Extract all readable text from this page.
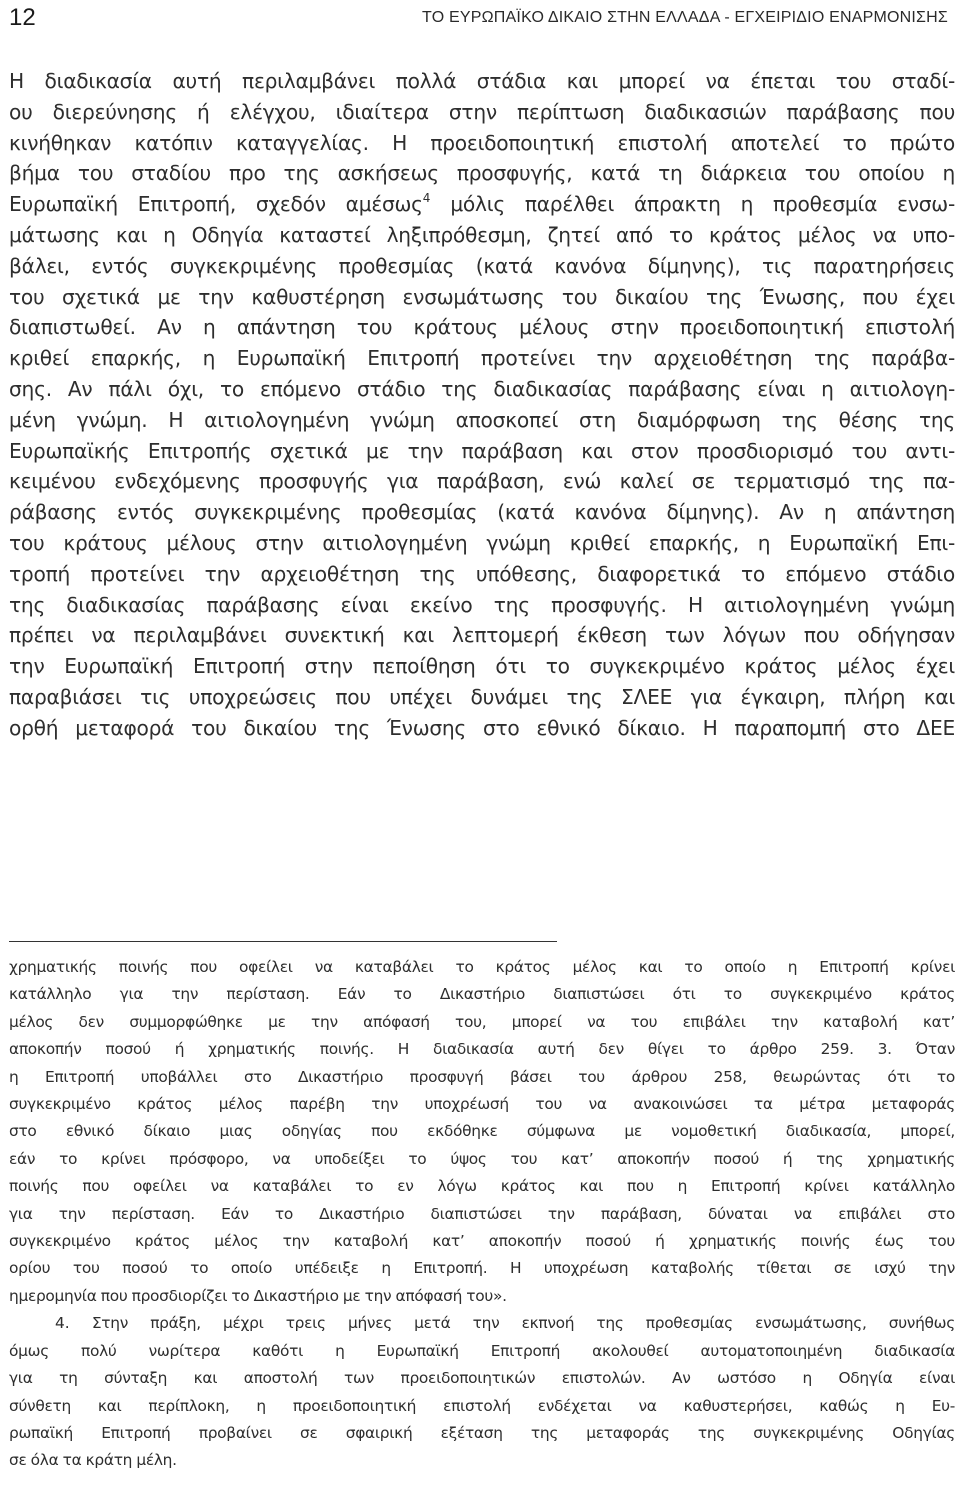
12	ΤΟ ΕΥΡΩΠΑΪΚΟ ΔΙΚΑΙΟ ΣΤΗΝ ΕΛΛΑΔΑ - ΕΓΧΕΙΡΙΔΙΟ ΕΝΑΡΜΟΝΙΣΗΣ
Η διαδικασία αυτή περιλαμβάνει πολλά στάδια και μπορεί να έπεται του σταδί-
ου διερεύνησης ή ελέγχου, ιδιαίτερα στην περίπτωση διαδικασιών παράβασης που
κινήθηκαν κατόπιν καταγγελίας. Η προειδοποιητική επιστολή αποτελεί το πρώτο
βήμα του σταδίου προ της ασκήσεως προσφυγής, κατά τη διάρκεια του οποίου η
Ευρωπαϊκή Επιτροπή, σχεδόν αμέσως$^4$ μόλις παρέλθει άπρακτη η προθεσμία ενσω-
μάτωσης και η Οδηγία καταστεί ληξιπρόθεσμη, ζητεί από το κράτος μέλος να υπο-
βάλει, εντός συγκεκριμένης προθεσμίας (κατά κανόνα δίμηνης), τις παρατηρήσεις
του σχετικά με την καθυστέρηση ενσωμάτωσης του δικαίου της Ένωσης, που έχει
διαπιστωθεί. Αν η απάντηση του κράτους μέλους στην προειδοποιητική επιστολή
κριθεί επαρκής, η Ευρωπαϊκή Επιτροπή προτείνει την αρχειοθέτηση της παράβα-
σης. Αν πάλι όχι, το επόμενο στάδιο της διαδικασίας παράβασης είναι η αιτιολογη-
μένη γνώμη. Η αιτιολογημένη γνώμη αποσκοπεί στη διαμόρφωση της θέσης της
Ευρωπαϊκής Επιτροπής σχετικά με την παράβαση και στον προσδιορισμό του αντι-
κειμένου ενδεχόμενης προσφυγής για παράβαση, ενώ καλεί σε τερματισμό της πα-
ράβασης εντός συγκεκριμένης προθεσμίας (κατά κανόνα δίμηνης). Αν η απάντηση
του κράτους μέλους στην αιτιολογημένη γνώμη κριθεί επαρκής, η Ευρωπαϊκή Επι-
τροπή προτείνει την αρχειοθέτηση της υπόθεσης, διαφορετικά το επόμενο στάδιο
της διαδικασίας παράβασης είναι εκείνο της προσφυγής. Η αιτιολογημένη γνώμη
πρέπει να περιλαμβάνει συνεκτική και λεπτομερή έκθεση των λόγων που οδήγησαν
την Ευρωπαϊκή Επιτροπή στην πεποίθηση ότι το συγκεκριμένο κράτος μέλος έχει
παραβιάσει τις υποχρεώσεις που υπέχει δυνάμει της ΣΛΕΕ για έγκαιρη, πλήρη και
ορθή μεταφορά του δικαίου της Ένωσης στο εθνικό δίκαιο. Η παραπομπή στο ΔΕΕ
χρηματικής ποινής που οφείλει να καταβάλει το κράτος μέλος και το οποίο η Επιτροπή κρίνει
κατάλληλο για την περίσταση. Εάν το Δικαστήριο διαπιστώσει ότι το συγκεκριμένο κράτος
μέλος δεν συμμορφώθηκε με την απόφασή του, μπορεί να του επιβάλει την καταβολή κατ’
αποκοπήν ποσού ή χρηματικής ποινής. Η διαδικασία αυτή δεν θίγει το άρθρο 259. 3. Όταν
η Επιτροπή υποβάλλει στο Δικαστήριο προσφυγή βάσει του άρθρου 258, θεωρώντας ότι το
συγκεκριμένο κράτος μέλος παρέβη την υποχρέωσή του να ανακοινώσει τα μέτρα μεταφοράς
στο εθνικό δίκαιο μιας οδηγίας που εκδόθηκε σύμφωνα με νομοθετική διαδικασία, μπορεί,
εάν το κρίνει πρόσφορο, να υποδείξει το ύψος του κατ’ αποκοπήν ποσού ή της χρηματικής
ποινής που οφείλει να καταβάλει το εν λόγω κράτος και που η Επιτροπή κρίνει κατάλληλο
για την περίσταση. Εάν το Δικαστήριο διαπιστώσει την παράβαση, δύναται να επιβάλει στο
συγκεκριμένο κράτος μέλος την καταβολή κατ’ αποκοπήν ποσού ή χρηματικής ποινής έως του
ορίου του ποσού το οποίο υπέδειξε η Επιτροπή. Η υποχρέωση καταβολής τίθεται σε ισχύ την
ημερομηνία που προσδιορίζει το Δικαστήριο με την απόφασή του».
4. Στην πράξη, μέχρι τρεις μήνες μετά την εκπνοή της προθεσμίας ενσωμάτωσης, συνήθως
όμως πολύ νωρίτερα καθότι η Ευρωπαϊκή Επιτροπή ακολουθεί αυτοματοποιημένη διαδικασία
για τη σύνταξη και αποστολή των προειδοποιητικών επιστολών. Αν ωστόσο η Οδηγία είναι
σύνθετη και περίπλοκη, η προειδοποιητική επιστολή ενδέχεται να καθυστερήσει, καθώς η Ευ-
ρωπαϊκή Επιτροπή προβαίνει σε σφαιρική εξέταση της μεταφοράς της συγκεκριμένης Οδηγίας
σε όλα τα κράτη μέλη.
